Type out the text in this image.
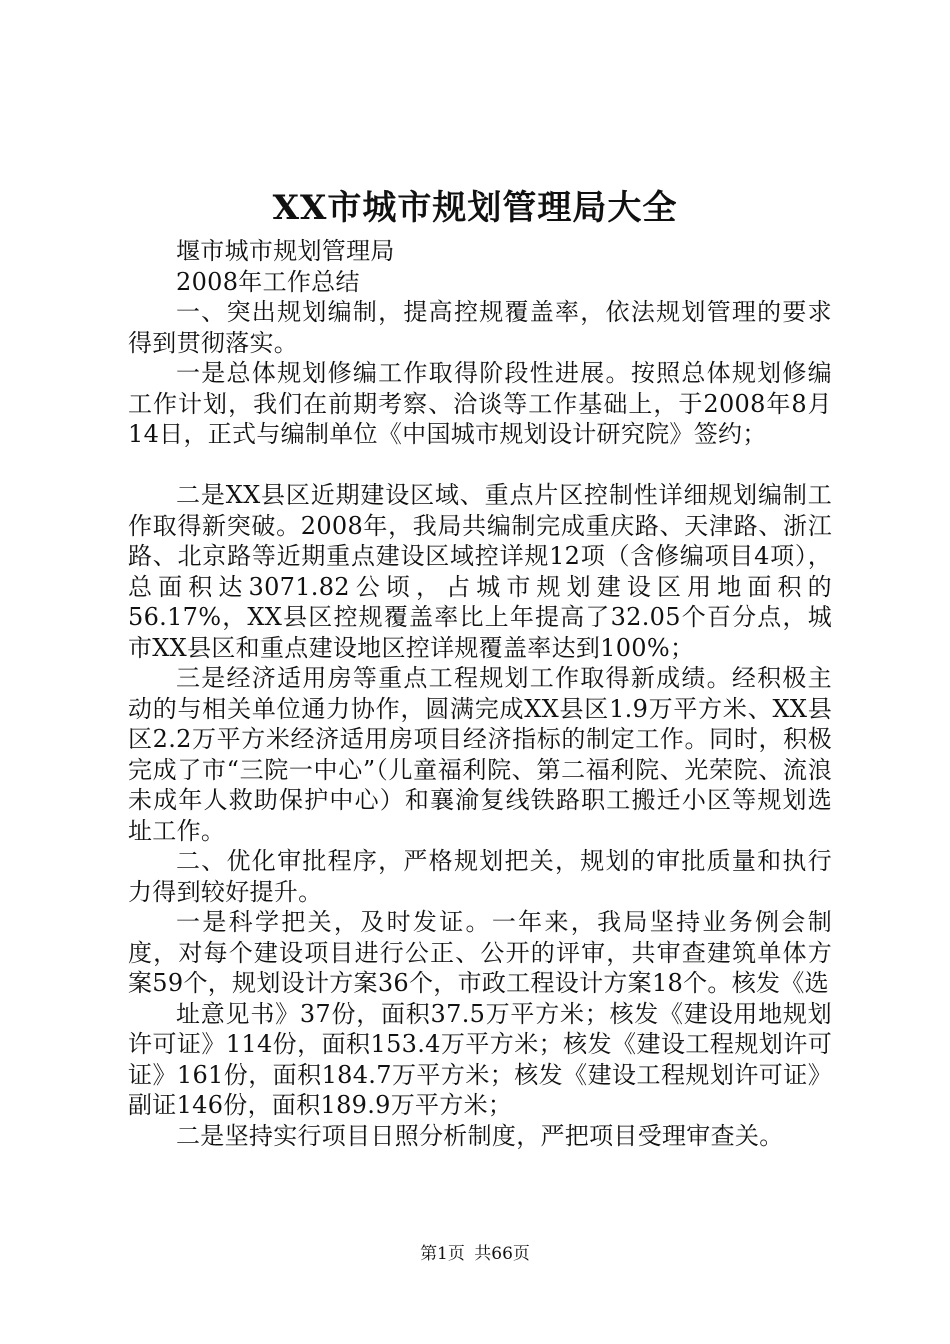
XX市城市规划管理局大全

堰市城市规划管理局

2008年工作总结

一、突出规划编制，提高控规覆盖率，依法规划管理的要求得到贯彻落实。

一是总体规划修编工作取得阶段性进展。按照总体规划修编工作计划，我们在前期考察、洽谈等工作基础上，于2008年8月14日，正式与编制单位《中国城市规划设计研究院》签约；

二是XX县区近期建设区域、重点片区控制性详细规划编制工作取得新突破。2008年，我局共编制完成重庆路、天津路、浙江路、北京路等近期重点建设区域控详规12项（含修编项目4项），总面积达3071.82公顷，占城市规划建设区用地面积的56.17%，XX县区控规覆盖率比上年提高了32.05个百分点，城市XX县区和重点建设地区控详规覆盖率达到100%；

三是经济适用房等重点工程规划工作取得新成绩。经积极主动的与相关单位通力协作，圆满完成XX县区1.9万平方米、XX县区2.2万平方米经济适用房项目经济指标的制定工作。同时，积极完成了市“三院一中心”（儿童福利院、第二福利院、光荣院、流浪未成年人救助保护中心）和襄渝复线铁路职工搬迁小区等规划选址工作。

二、优化审批程序，严格规划把关，规划的审批质量和执行力得到较好提升。

一是科学把关，及时发证。一年来，我局坚持业务例会制度，对每个建设项目进行公正、公开的评审，共审查建筑单体方案59个，规划设计方案36个，市政工程设计方案18个。核发《选

址意见书》37份，面积37.5万平方米；核发《建设用地规划许可证》114份，面积153.4万平方米；核发《建设工程规划许可证》161份，面积184.7万平方米；核发《建设工程规划许可证》副证146份，面积189.9万平方米；

二是坚持实行项目日照分析制度，严把项目受理审查关。

第1页 共66页
